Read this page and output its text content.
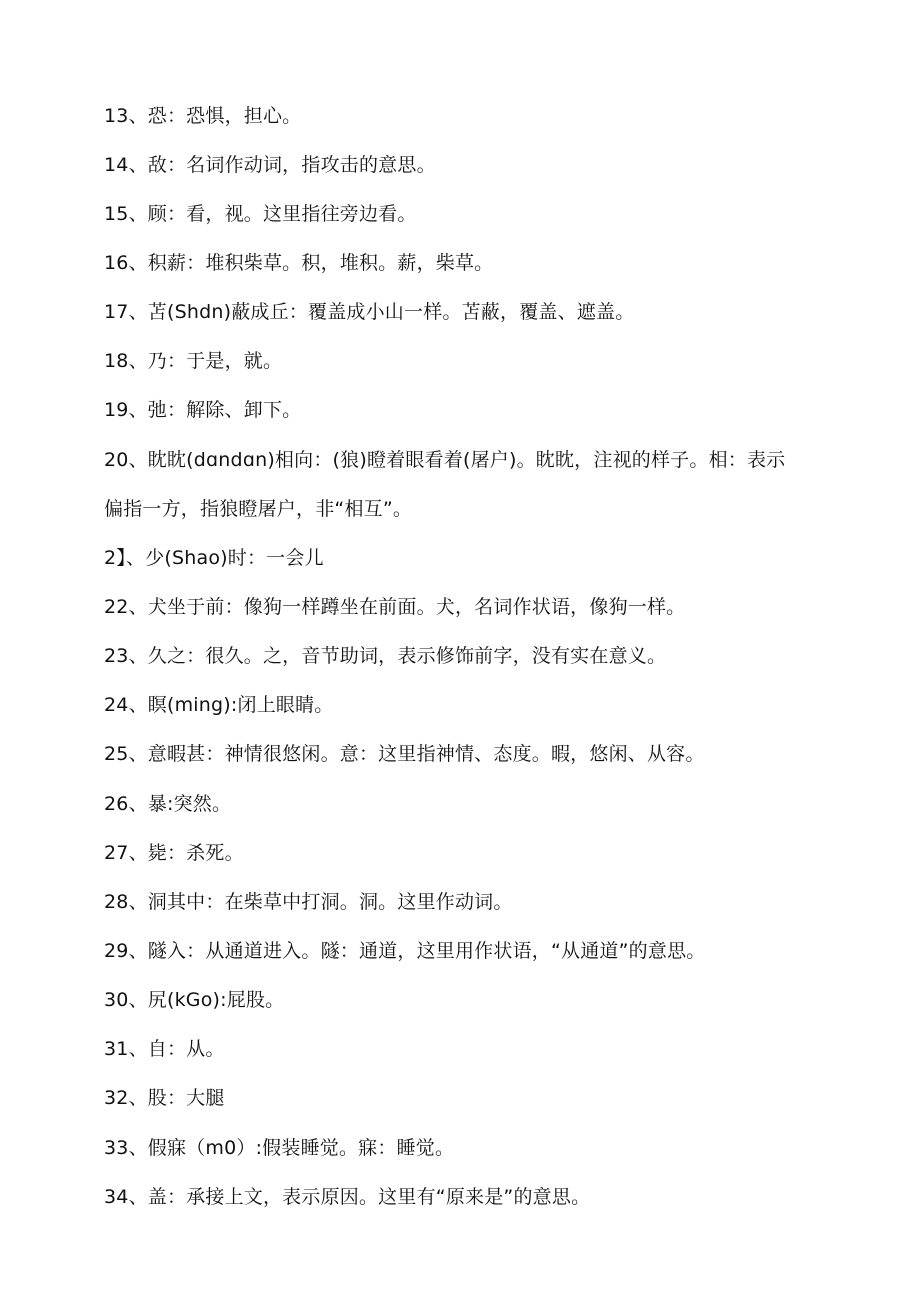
13、恐：恐惧，担心。
14、敌：名词作动词，指攻击的意思。
15、顾：看，视。这里指往旁边看。
16、积薪：堆积柴草。积，堆积。薪，柴草。
17、苫(Shdn)蔽成丘：覆盖成小山一样。苫蔽，覆盖、遮盖。
18、乃：于是，就。
19、弛：解除、卸下。
20、眈眈(dɑndɑn)相向：(狼)瞪着眼看着(屠户)。眈眈，注视的样子。相：表示
偏指一方，指狼瞪屠户，非“相互”。
2】、少(Shao)时：一会儿
22、犬坐于前：像狗一样蹲坐在前面。犬，名词作状语，像狗一样。
23、久之：很久。之，音节助词，表示修饰前字，没有实在意义。
24、瞑(ming):闭上眼睛。
25、意暇甚：神情很悠闲。意：这里指神情、态度。暇，悠闲、从容。
26、暴:突然。
27、毙：杀死。
28、洞其中：在柴草中打洞。洞。这里作动词。
29、隧入：从通道进入。隧：通道，这里用作状语，“从通道”的意思。
30、尻(kGo):屁股。
31、自：从。
32、股：大腿
33、假寐（m0）:假装睡觉。寐：睡觉。
34、盖：承接上文，表示原因。这里有“原来是”的意思。
